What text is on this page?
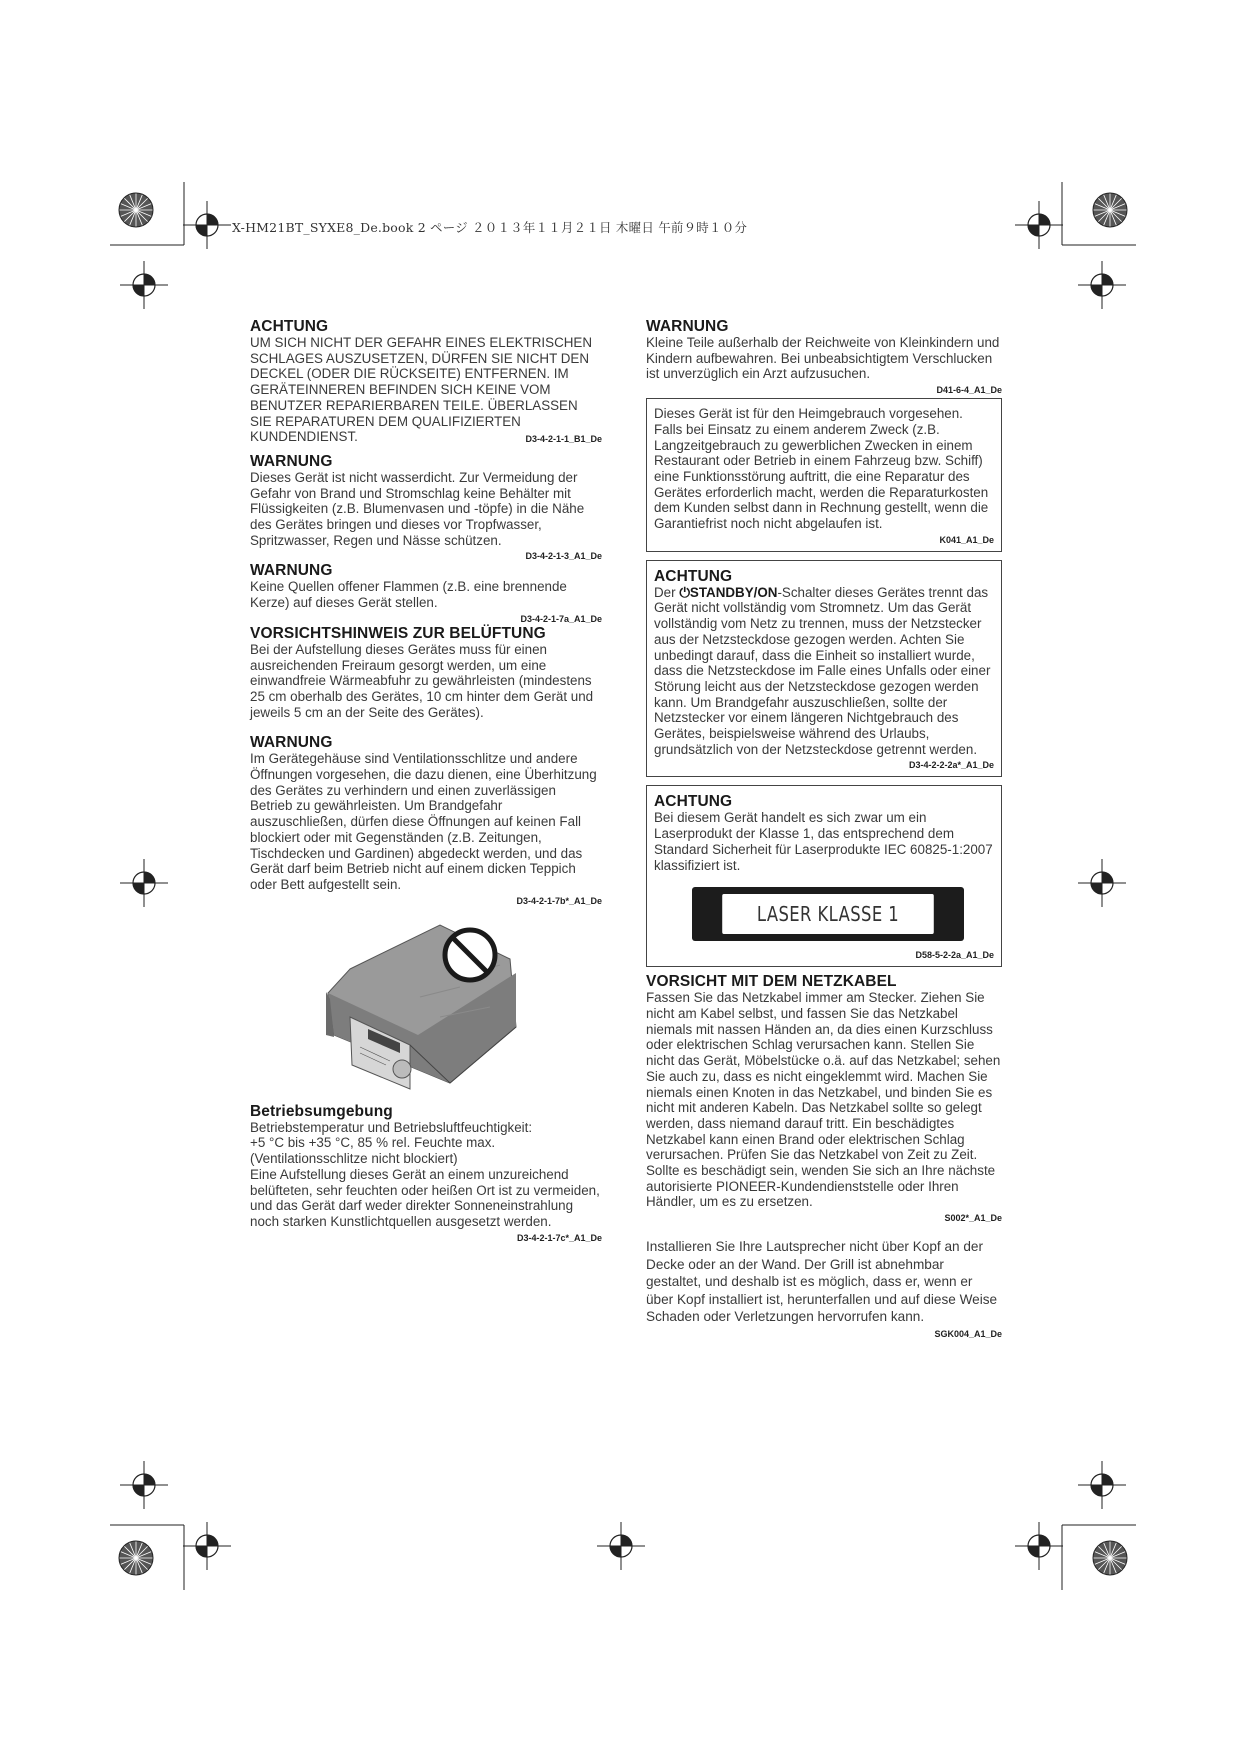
X-HM21BT_SYXE8_De.book 2 ページ ２０１３年１１月２１日 木曜日 午前９時１０分
ACHTUNG

UM SICH NICHT DER GEFAHR EINES ELEKTRISCHEN SCHLAGES AUSZUSETZEN, DÜRFEN SIE NICHT DEN DECKEL (ODER DIE RÜCKSEITE) ENTFERNEN. IM GERÄTEINNEREN BEFINDEN SICH KEINE VOM BENUTZER REPARIERBAREN TEILE. ÜBERLASSEN SIE REPARATUREN DEM QUALIFIZIERTEN KUNDENDIENST.	D3-4-2-1-1_B1_De
WARNUNG

Dieses Gerät ist nicht wasserdicht. Zur Vermeidung der Gefahr von Brand und Stromschlag keine Behälter mit Flüssigkeiten (z.B. Blumenvasen und -töpfe) in die Nähe des Gerätes bringen und dieses vor Tropfwasser, Spritzwasser, Regen und Nässe schützen.

D3-4-2-1-3_A1_De
WARNUNG

Keine Quellen offener Flammen (z.B. eine brennende Kerze) auf dieses Gerät stellen.

D3-4-2-1-7a_A1_De
VORSICHTSHINWEIS ZUR BELÜFTUNG

Bei der Aufstellung dieses Gerätes muss für einen ausreichenden Freiraum gesorgt werden, um eine einwandfreie Wärmeabfuhr zu gewährleisten (mindestens 25 cm oberhalb des Gerätes, 10 cm hinter dem Gerät und jeweils 5 cm an der Seite des Gerätes).

WARNUNG

Im Gerätegehäuse sind Ventilationsschlitze und andere Öffnungen vorgesehen, die dazu dienen, eine Überhitzung des Gerätes zu verhindern und einen zuverlässigen Betrieb zu gewährleisten. Um Brandgefahr auszuschließen, dürfen diese Öffnungen auf keinen Fall blockiert oder mit Gegenständen (z.B. Zeitungen, Tischdecken und Gardinen) abgedeckt werden, und das Gerät darf beim Betrieb nicht auf einem dicken Teppich oder Bett aufgestellt sein.

D3-4-2-1-7b*_A1_De
Betriebsumgebung

Betriebstemperatur und Betriebsluftfeuchtigkeit:

+5 °C bis +35 °C, 85 % rel. Feuchte max.

(Ventilationsschlitze nicht blockiert)

Eine Aufstellung dieses Gerät an einem unzureichend belüfteten, sehr feuchten oder heißen Ort ist zu vermeiden, und das Gerät darf weder direkter Sonneneinstrahlung noch starken Kunstlichtquellen ausgesetzt werden.

D3-4-2-1-7c*_A1_De
WARNUNG

Kleine Teile außerhalb der Reichweite von Kleinkindern und Kindern aufbewahren. Bei unbeabsichtigtem Verschlucken ist unverzüglich ein Arzt aufzusuchen.

D41-6-4_A1_De

Dieses Gerät ist für den Heimgebrauch vorgesehen. Falls bei Einsatz zu einem anderem Zweck (z.B. Langzeitgebrauch zu gewerblichen Zwecken in einem Restaurant oder Betrieb in einem Fahrzeug bzw. Schiff) eine Funktionsstörung auftritt, die eine Reparatur des Gerätes erforderlich macht, werden die Reparaturkosten dem Kunden selbst dann in Rechnung gestellt, wenn die Garantiefrist noch nicht abgelaufen ist.

K041_A1_De
ACHTUNG

Der ⏻STANDBY/ON-Schalter dieses Gerätes trennt das Gerät nicht vollständig vom Stromnetz. Um das Gerät vollständig vom Netz zu trennen, muss der Netzstecker aus der Netzsteckdose gezogen werden. Achten Sie unbedingt darauf, dass die Einheit so installiert wurde, dass die Netzsteckdose im Falle eines Unfalls oder einer Störung leicht aus der Netzsteckdose gezogen werden kann. Um Brandgefahr auszuschließen, sollte der Netzstecker vor einem längeren Nichtgebrauch des Gerätes, beispielsweise während des Urlaubs, grundsätzlich von der Netzsteckdose getrennt werden.

D3-4-2-2-2a*_A1_De
ACHTUNG

Bei diesem Gerät handelt es sich zwar um ein Laserprodukt der Klasse 1, das entsprechend dem Standard Sicherheit für Laserprodukte IEC 60825-1:2007 klassifiziert ist.

LASER KLASSE 1
D58-5-2-2a_A1_De
VORSICHT MIT DEM NETZKABEL

Fassen Sie das Netzkabel immer am Stecker. Ziehen Sie nicht am Kabel selbst, und fassen Sie das Netzkabel niemals mit nassen Händen an, da dies einen Kurzschluss oder elektrischen Schlag verursachen kann. Stellen Sie nicht das Gerät, Möbelstücke o.ä. auf das Netzkabel; sehen Sie auch zu, dass es nicht eingeklemmt wird. Machen Sie niemals einen Knoten in das Netzkabel, und binden Sie es nicht mit anderen Kabeln. Das Netzkabel sollte so gelegt werden, dass niemand darauf tritt. Ein beschädigtes Netzkabel kann einen Brand oder elektrischen Schlag verursachen. Prüfen Sie das Netzkabel von Zeit zu Zeit. Sollte es beschädigt sein, wenden Sie sich an Ihre nächste autorisierte PIONEER-Kundendienststelle oder Ihren Händler, um es zu ersetzen.

S002*_A1_De

Installieren Sie Ihre Lautsprecher nicht über Kopf an der Decke oder an der Wand. Der Grill ist abnehmbar gestaltet, und deshalb ist es möglich, dass er, wenn er über Kopf installiert ist, herunterfallen und auf diese Weise Schaden oder Verletzungen hervorrufen kann.

SGK004_A1_De
